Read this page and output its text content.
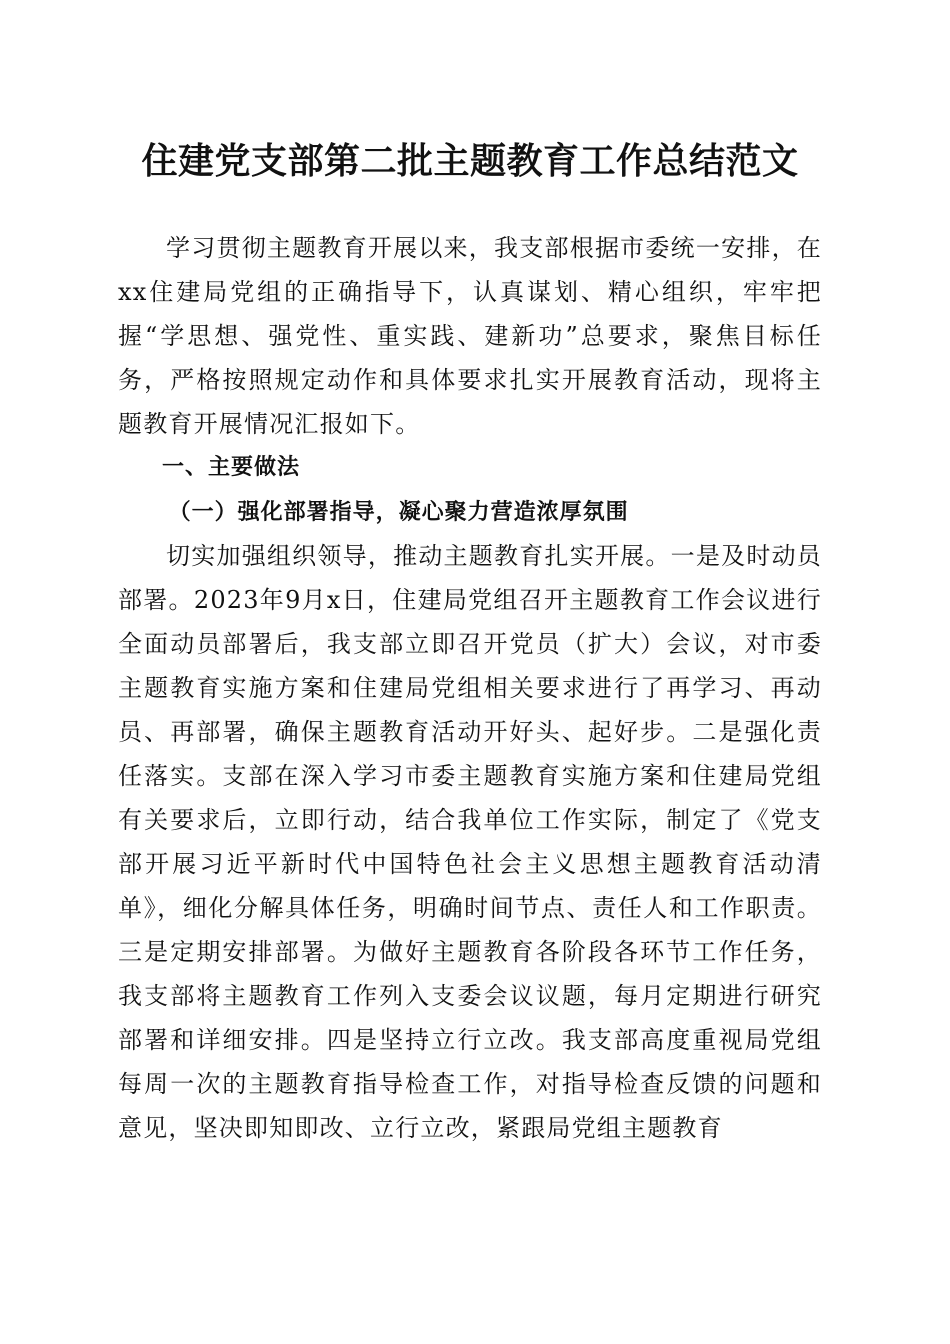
住建党支部第二批主题教育工作总结范文

学习贯彻主题教育开展以来，我支部根据市委统一安排，在xx住建局党组的正确指导下，认真谋划、精心组织，牢牢把握“学思想、强党性、重实践、建新功”总要求，聚焦目标任务，严格按照规定动作和具体要求扎实开展教育活动，现将主题教育开展情况汇报如下。

一、主要做法

（一）强化部署指导，凝心聚力营造浓厚氛围

切实加强组织领导，推动主题教育扎实开展。一是及时动员部署。2023年9月x日，住建局党组召开主题教育工作会议进行全面动员部署后，我支部立即召开党员（扩大）会议，对市委主题教育实施方案和住建局党组相关要求进行了再学习、再动员、再部署，确保主题教育活动开好头、起好步。二是强化责任落实。支部在深入学习市委主题教育实施方案和住建局党组有关要求后，立即行动，结合我单位工作实际，制定了《党支部开展习近平新时代中国特色社会主义思想主题教育活动清单》，细化分解具体任务，明确时间节点、责任人和工作职责。三是定期安排部署。为做好主题教育各阶段各环节工作任务，我支部将主题教育工作列入支委会议议题，每月定期进行研究部署和详细安排。四是坚持立行立改。我支部高度重视局党组每周一次的主题教育指导检查工作，对指导检查反馈的问题和意见，坚决即知即改、立行立改，紧跟局党组主题教育
